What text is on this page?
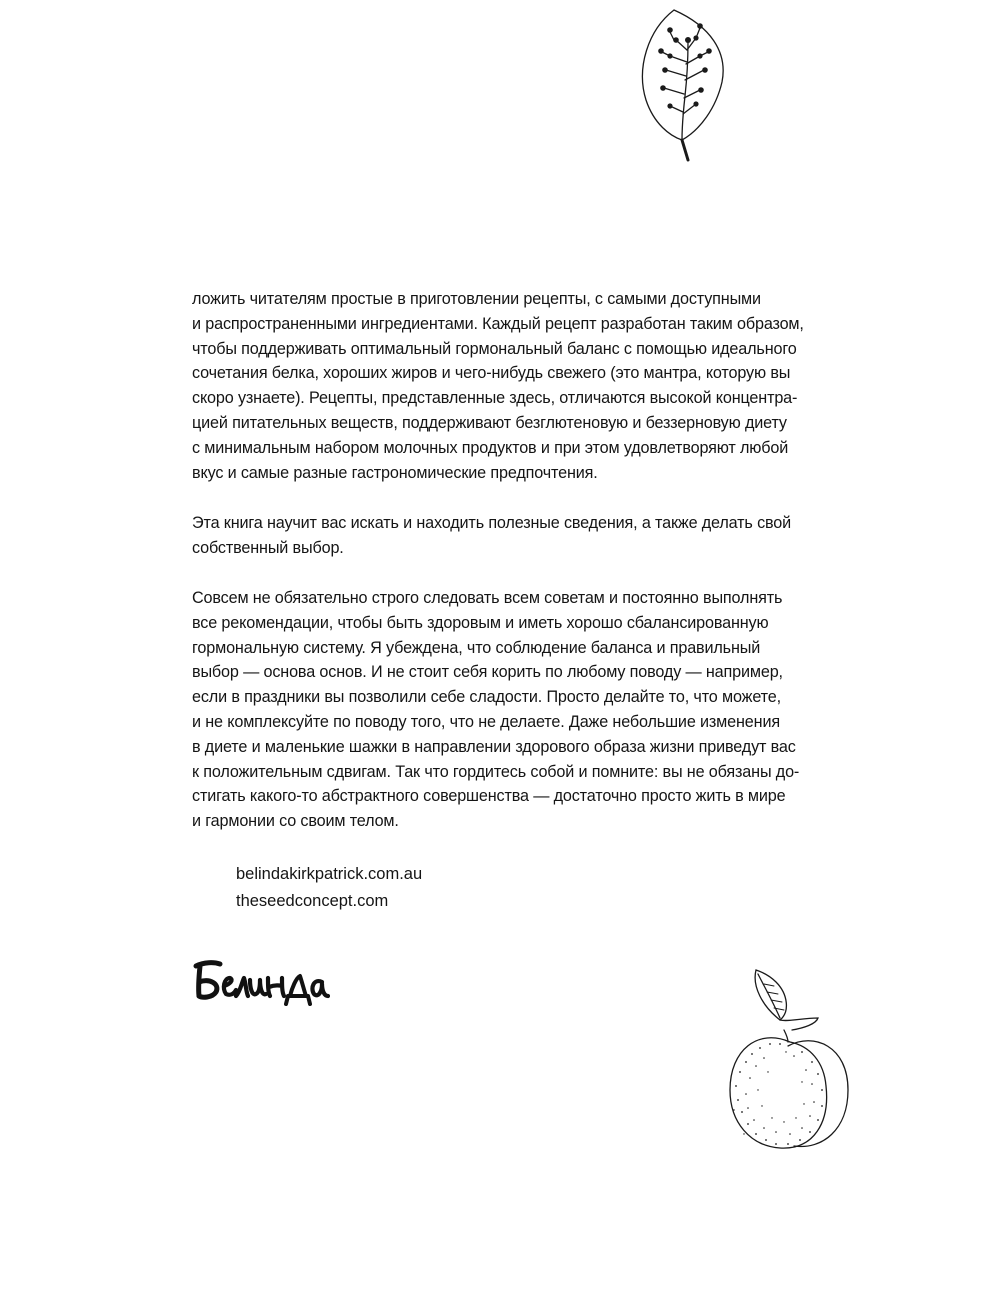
ложить читателям простые в приготовлении рецепты, с самыми доступными
и распространенными ингредиентами. Каждый рецепт разработан таким образом,
чтобы поддерживать оптимальный гормональный баланс с помощью идеального
сочетания белка, хороших жиров и чего-нибудь свежего (это мантра, которую вы
скоро узнаете). Рецепты, представленные здесь, отличаются высокой концентра-
цией питательных веществ, поддерживают безглютеновую и беззерновую диету
с минимальным набором молочных продуктов и при этом удовлетворяют любой
вкус и самые разные гастрономические предпочтения.
Эта книга научит вас искать и находить полезные сведения, а также делать свой
собственный выбор.
Совсем не обязательно строго следовать всем советам и постоянно выполнять
все рекомендации, чтобы быть здоровым и иметь хорошо сбалансированную
гормональную систему. Я убеждена, что соблюдение баланса и правильный
выбор — основа основ. И не стоит себя корить по любому поводу — например,
если в праздники вы позволили себе сладости. Просто делайте то, что можете,
и не комплексуйте по поводу того, что не делаете. Даже небольшие изменения
в диете и маленькие шажки в направлении здорового образа жизни приведут вас
к положительным сдвигам. Так что гордитесь собой и помните: вы не обязаны до-
стигать какого-то абстрактного совершенства — достаточно просто жить в мире
и гармонии со своим телом.
belindakirkpatrick.com.au
theseedconcept.com
